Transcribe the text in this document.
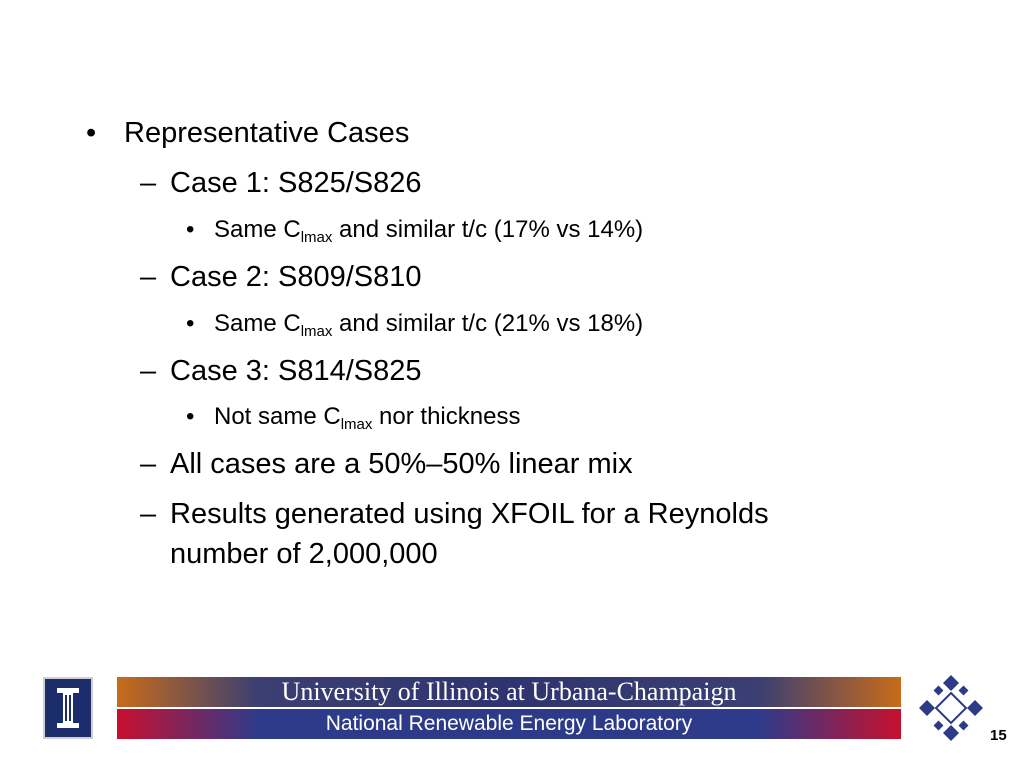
• Representative Cases
– Case 1: S825/S826
• Same $C_{lmax}$ and similar t/c (17% vs 14%)
– Case 2: S809/S810
• Same $C_{lmax}$ and similar t/c (21% vs 18%)
– Case 3: S814/S825
• Not same $C_{lmax}$ nor thickness
– All cases are a 50%–50% linear mix
– Results generated using XFOIL for a Reynolds
number of 2,000,000
University of Illinois at Urbana-Champaign
National Renewable Energy Laboratory
15
